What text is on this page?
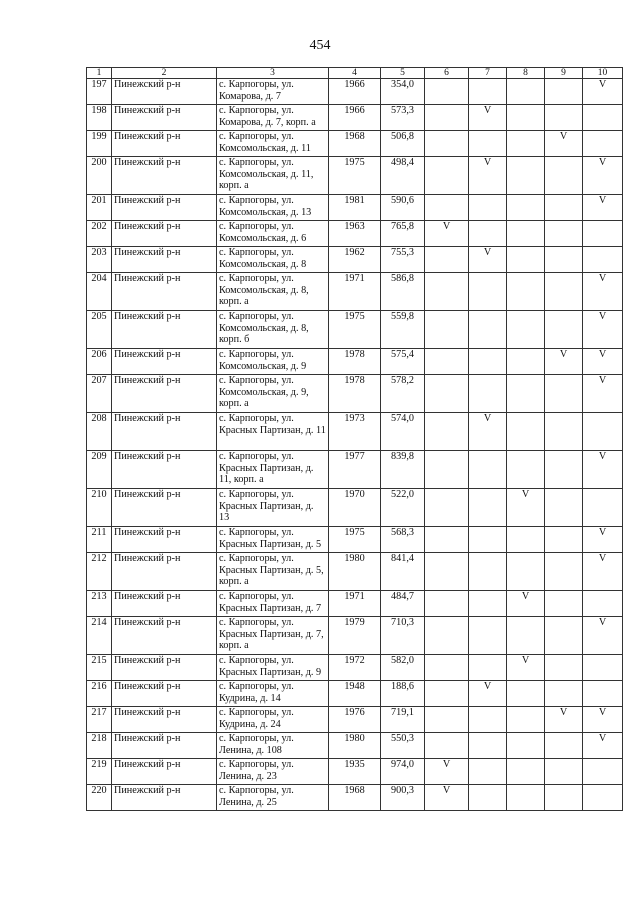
454
1	2	3	4	5	6	7	8	9	10
197	Пинежский р-н	с. Карпогоры, ул. Комарова, д. 7	1966	354,0					V
198	Пинежский р-н	с. Карпогоры, ул. Комарова, д. 7, корп. а	1966	573,3		V			
199	Пинежский р-н	с. Карпогоры, ул. Комсомольская, д. 11	1968	506,8				V	
200	Пинежский р-н	с. Карпогоры, ул. Комсомольская, д. 11, корп. а	1975	498,4		V			V
201	Пинежский р-н	с. Карпогоры, ул. Комсомольская, д. 13	1981	590,6					V
202	Пинежский р-н	с. Карпогоры, ул. Комсомольская, д. 6	1963	765,8	V				
203	Пинежский р-н	с. Карпогоры, ул. Комсомольская, д. 8	1962	755,3		V			
204	Пинежский р-н	с. Карпогоры, ул. Комсомольская, д. 8, корп. а	1971	586,8					V
205	Пинежский р-н	с. Карпогоры, ул. Комсомольская, д. 8, корп. б	1975	559,8					V
206	Пинежский р-н	с. Карпогоры, ул. Комсомольская, д. 9	1978	575,4				V	V
207	Пинежский р-н	с. Карпогоры, ул. Комсомольская, д. 9, корп. а	1978	578,2					V
208	Пинежский р-н	с. Карпогоры, ул. Красных Партизан, д. 11	1973	574,0		V			
209	Пинежский р-н	с. Карпогоры, ул. Красных Партизан, д. 11, корп. а	1977	839,8					V
210	Пинежский р-н	с. Карпогоры, ул. Красных Партизан, д. 13	1970	522,0			V		
211	Пинежский р-н	с. Карпогоры, ул. Красных Партизан, д. 5	1975	568,3					V
212	Пинежский р-н	с. Карпогоры, ул. Красных Партизан, д. 5, корп. а	1980	841,4					V
213	Пинежский р-н	с. Карпогоры, ул. Красных Партизан, д. 7	1971	484,7			V		
214	Пинежский р-н	с. Карпогоры, ул. Красных Партизан, д. 7, корп. а	1979	710,3					V
215	Пинежский р-н	с. Карпогоры, ул. Красных Партизан, д. 9	1972	582,0			V		
216	Пинежский р-н	с. Карпогоры, ул. Кудрина, д. 14	1948	188,6		V			
217	Пинежский р-н	с. Карпогоры, ул. Кудрина, д. 24	1976	719,1				V	V
218	Пинежский р-н	с. Карпогоры, ул. Ленина, д. 108	1980	550,3					V
219	Пинежский р-н	с. Карпогоры, ул. Ленина, д. 23	1935	974,0	V				
220	Пинежский р-н	с. Карпогоры, ул. Ленина, д. 25	1968	900,3	V				
